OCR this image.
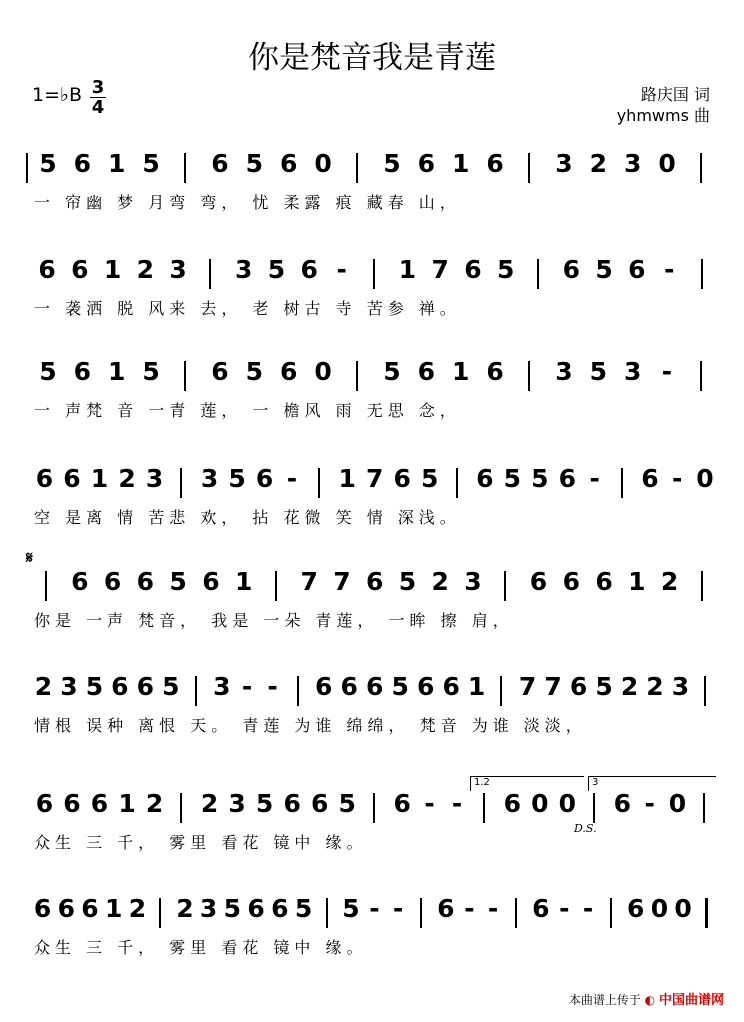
你是梵音我是青莲
1=♭B 3
4
路庆国 词
yhmwms 曲
5 6 1 5 6 5 6 0 5 6 1 6 3 2 3 0
一 帘幽 梦 月弯 弯， 忧 柔露 痕 藏春 山，
6 6 1 2 3 3 5 6 - 1 7 6 5 6 5 6 -
一 袭洒 脱 风来 去， 老 树古 寺 苦参 禅。
5 6 1 5 6 5 6 0 5 6 1 6 3 5 3 -
一 声梵 音 一青 莲， 一 檐风 雨 无思 念，
6 6 1 2 3 3 5 6 - 1 7 6 5 6 5 5 6 - 6 - 0
空 是离 情 苦悲 欢， 拈 花微 笑 情 深浅。
6 6 6 5 6 1 7 7 6 5 2 3 6 6 6 1 2
你是 一声 梵音， 我是 一朵 青莲， 一眸 擦 肩，
2 3 5 6 6 5 3 - - 6 6 6 5 6 6 1 7 7 6 5 2 2 3
情根 误种 离恨 天。 青莲 为谁 绵绵， 梵音 为谁 淡淡，
6 6 6 1 2 2 3 5 6 6 5 6 - - 6 0 0 6 - 0
众生 三 千， 雾里 看花 镜中 缘。
6 6 6 1 2 2 3 5 6 6 5 5 - - 6 - - 6 - - 6 0 0
众生 三 千， 雾里 看花 镜中 缘。
𝄋
D.S.
1.2	3
本曲谱上传于 ◐ 中国曲谱网
